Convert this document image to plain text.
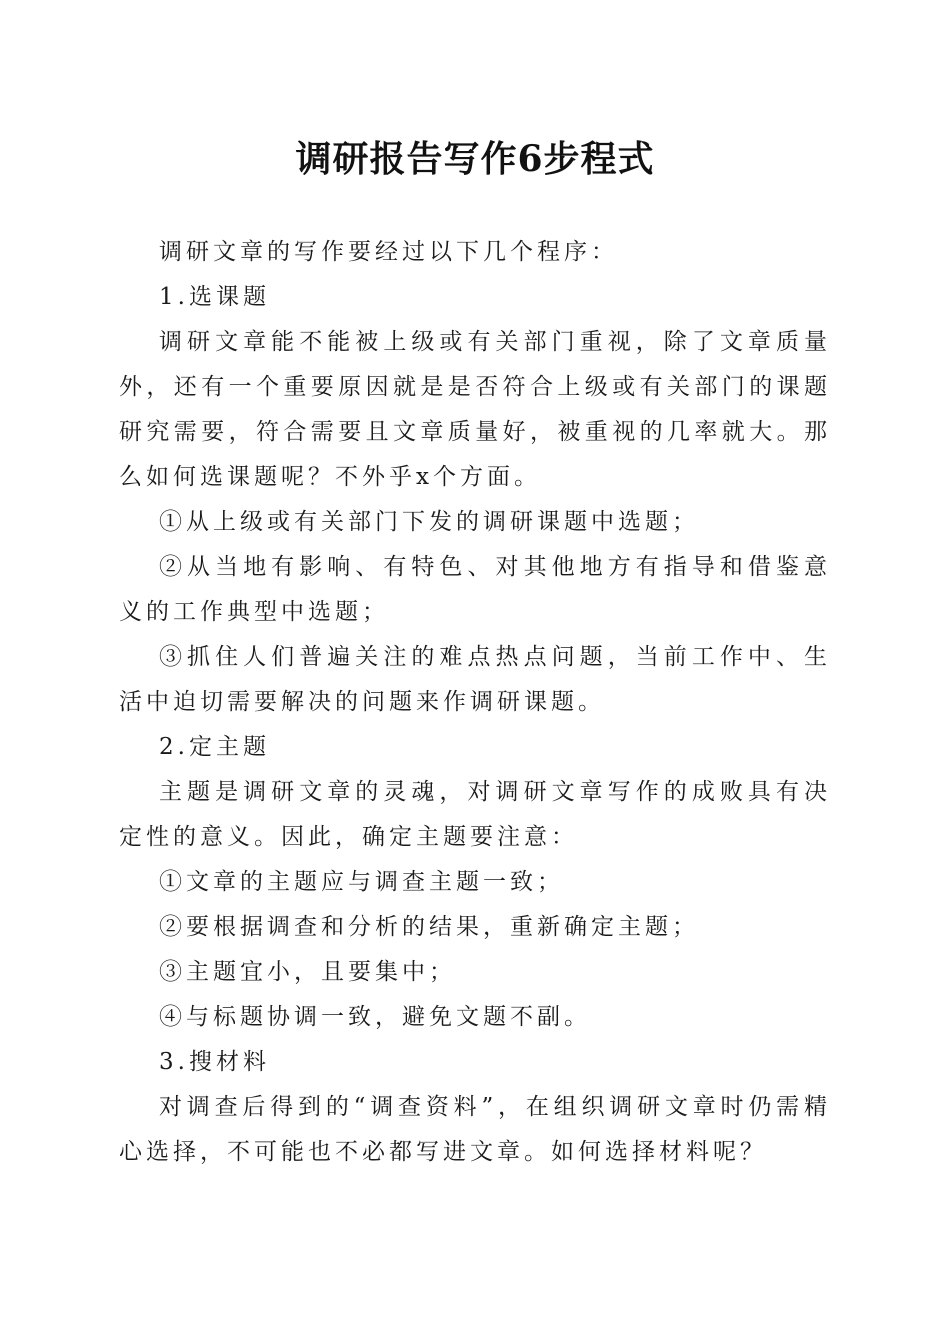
调研报告写作6步程式

调研文章的写作要经过以下几个程序：

1.选课题

调研文章能不能被上级或有关部门重视，除了文章质量外，还有一个重要原因就是是否符合上级或有关部门的课题研究需要，符合需要且文章质量好，被重视的几率就大。那么如何选课题呢？不外乎x个方面。

①从上级或有关部门下发的调研课题中选题；

②从当地有影响、有特色、对其他地方有指导和借鉴意义的工作典型中选题；

③抓住人们普遍关注的难点热点问题，当前工作中、生活中迫切需要解决的问题来作调研课题。

2.定主题

主题是调研文章的灵魂，对调研文章写作的成败具有决定性的意义。因此，确定主题要注意：

①文章的主题应与调查主题一致；

②要根据调查和分析的结果，重新确定主题；

③主题宜小，且要集中；

④与标题协调一致，避免文题不副。

3.搜材料

对调查后得到的“调查资料”，在组织调研文章时仍需精心选择，不可能也不必都写进文章。如何选择材料呢？
